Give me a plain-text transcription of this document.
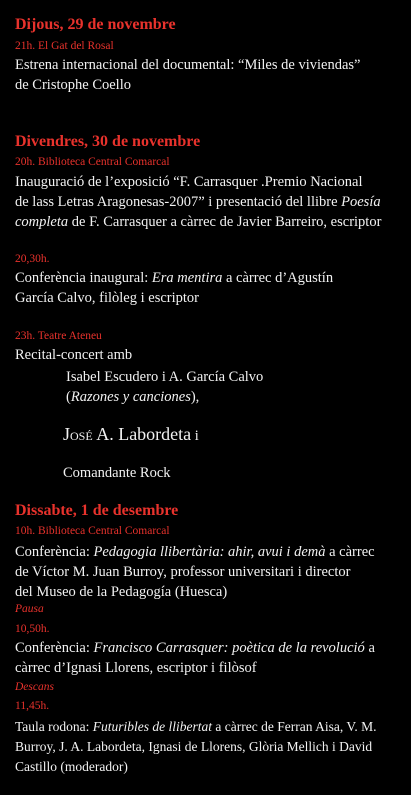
Dijous, 29 de novembre

21h. El Gat del Rosal

Estrena internacional del documental: “Miles de viviendas”

de Cristophe Coello

Divendres, 30 de novembre

20h. Biblioteca Central Comarcal

Inauguració de l’exposició “F. Carrasquer .Premio Nacional

de lass Letras Aragonesas-2007” i presentació del llibre Poesía

completa de F. Carrasquer a càrrec de Javier Barreiro, escriptor

20,30h.

Conferència inaugural: Era mentira a càrrec d’Agustín

García Calvo, filòleg i escriptor

23h. Teatre Ateneu

Recital-concert amb

Isabel Escudero i A. García Calvo

(Razones y canciones),

JOSÉ A. Labordeta i

Comandante Rock

Dissabte, 1 de desembre

10h. Biblioteca Central Comarcal

Conferència: Pedagogia llibertària: ahir, avui i demà a càrrec

de Víctor M. Juan Burroy, professor universitari i director

del Museo de la Pedagogía (Huesca)

Pausa

10,50h.

Conferència: Francisco Carrasquer: poètica de la revolució a

càrrec d’Ignasi Llorens, escriptor i filòsof

Descans

11,45h.

Taula rodona: Futuribles de llibertat a càrrec de Ferran Aisa, V. M.

Burroy, J. A. Labordeta, Ignasi de Llorens, Glòria Mellich i David

Castillo (moderador)
